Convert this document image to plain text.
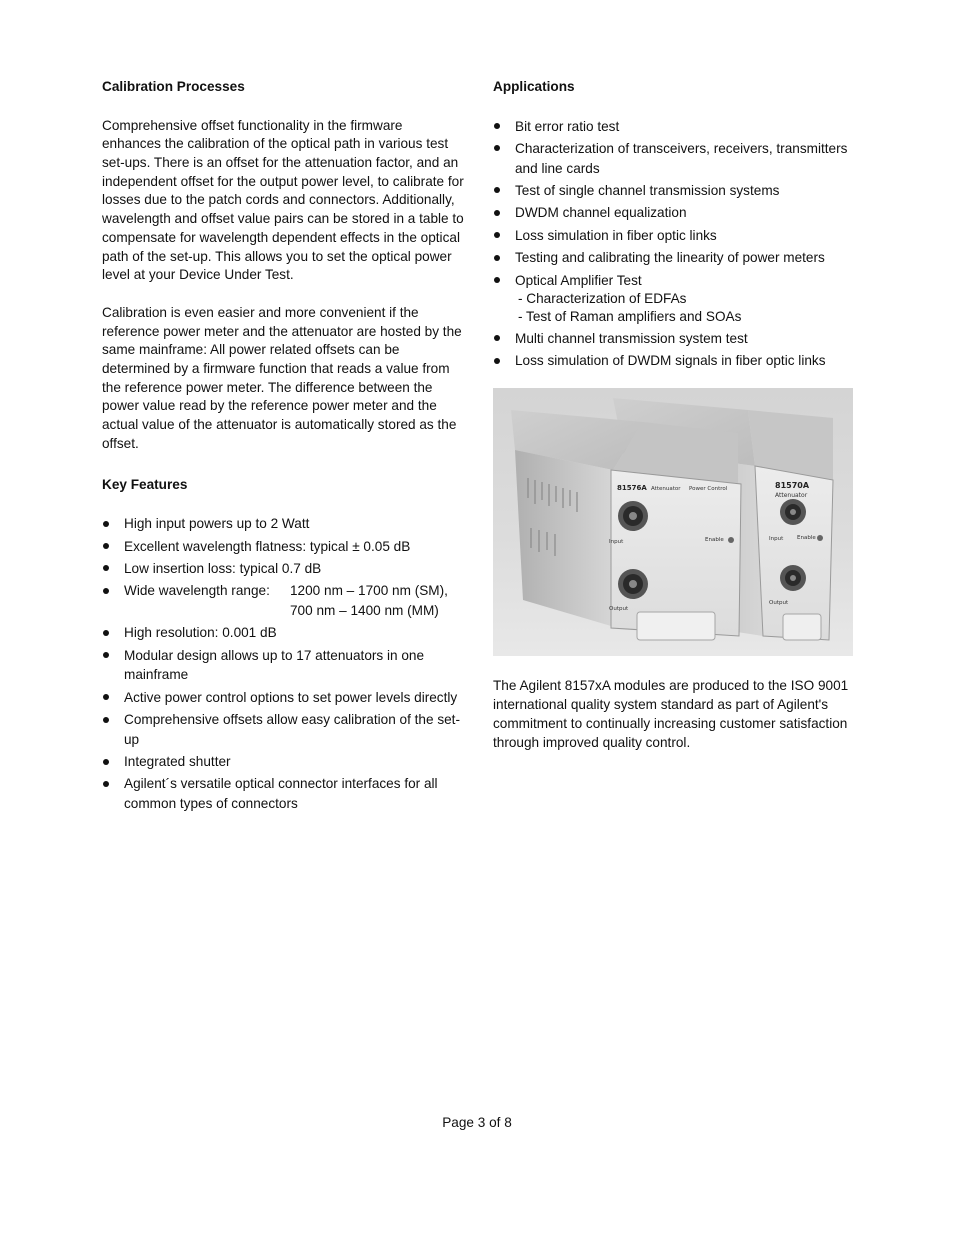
Calibration Processes

Comprehensive offset functionality in the firmware enhances the calibration of the optical path in various test set-ups. There is an offset for the attenuation factor, and an independent offset for the output power level, to calibrate for losses due to the patch cords and connectors. Additionally, wavelength and offset value pairs can be stored in a table to compensate for wavelength dependent effects in the optical path of the set-up. This allows you to set the optical power level at your Device Under Test.

Calibration is even easier and more convenient if the reference power meter and the attenuator are hosted by the same mainframe: All power related offsets can be determined by a firmware function that reads a value from the reference power meter. The difference between the power value read by the reference power meter and the actual value of the attenuator is automatically stored as the offset.

Key Features
High input powers up to 2 Watt
Excellent wavelength flatness: typical ± 0.05 dB
Low insertion loss: typical 0.7 dB
Wide wavelength range:	1200 nm – 1700 nm (SM),
700 nm – 1400 nm (MM)
High resolution: 0.001 dB
Modular design allows up to 17 attenuators in one mainframe
Active power control options to set power levels directly
Comprehensive offsets allow easy calibration of the set-up
Integrated shutter
Agilent´s versatile optical connector interfaces for all common types of connectors
Applications
Bit error ratio test
Characterization of transceivers, receivers, transmitters and line cards
Test of single channel transmission systems
DWDM channel equalization
Loss simulation in fiber optic links
Testing and calibrating the linearity of power meters
Optical Amplifier Test
- Characterization of EDFAs
- Test of Raman amplifiers and SOAs
Multi channel transmission system test
Loss simulation of DWDM signals in fiber optic links
81570A
Attenuator
Input	Enable
Output
81576A Attenuator Power Control
Input	Enable
Output

The Agilent 8157xA modules are produced to the ISO 9001 international quality system standard as part of Agilent's commitment to continually increasing customer satisfaction through improved quality control.

Page 3 of 8
